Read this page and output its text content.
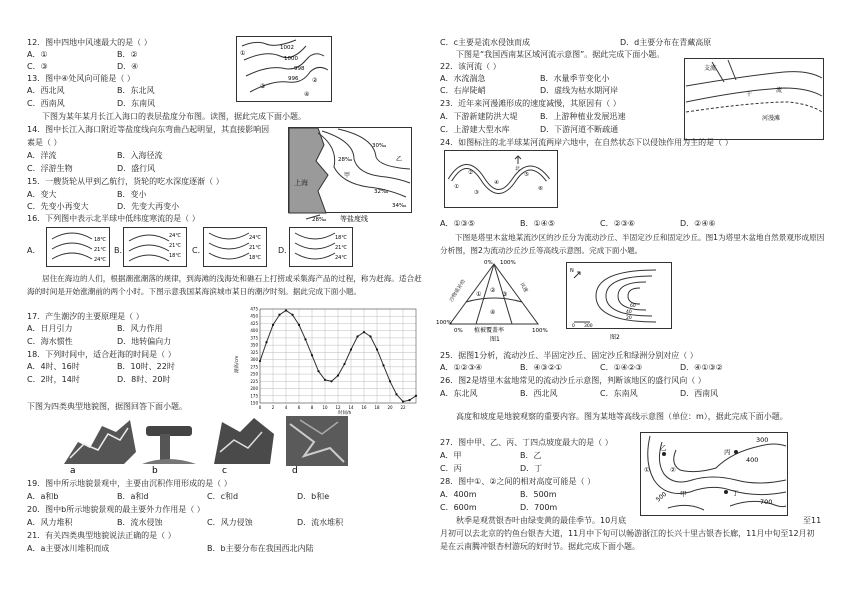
12．图中四地中风速最大的是（ ）
A．①	B．②
C．③	D．④
13．图中④处风向可能是（ ）
A．西北风	B．东北风
C．西南风	D．东南风
下图为某年某月长江入海口的表层盐度分布图。读图，据此完成下面小题。
14．图中长江入海口附近等盐度线向东弯曲凸起明显，其直接影响因
素是（ ）
A．洋流	B．入海径流
C．浮游生物	D．盛行风
15．一艘货轮从甲到乙航行，货轮的吃水深度逐渐（ ）
A．变大	B．变小
C．先变小再变大	D．先变大再变小
16．下列图中表示北半球中低纬度寒流的是（ ）
1002
1000
998
996
①
②
③
④
上海
30‰
28‰
甲
乙
32‰
34‰
28‰ 等盐度线
A．
18℃
21℃
24℃
B．
24℃
21℃
18℃
C．
24℃
21℃
18℃
D．
18℃
21℃
24℃
居住在海边的人们，根据潮涨潮落的规律，到海滩的浅海处和礁石上打捞或采集海产品的过程，称为赶海。适合赶海的时间是开始涨潮前的两个小时。下图示意我国某海滨城市某日的潮汐时刻。据此完成下面小题。
17．产生潮汐的主要原理是（ ）
A．日月引力	B．风力作用
C．海水惯性	D．地转偏向力
18．下列时间中，适合赶海的时间是（ ）
A．4时、16时	B．10时、22时
C．2时，14时	D．8时、20时
150
175
200
225
250
275
300
325
350
375
400
425
450
475
0	2	4	6	8 10 12 14 16 18 20 22
潮高/cm
时间/h
下图为四类典型地貌图，据图回答下面小题。
a	b	c	d
19．图中所示地貌景观中，主要由沉积作用形成的是（ ）
A．a和b	B．a和d	C．c和d	D．b和e
20．图中b所示地貌景观的最主要外力作用是（ ）
A．风力堆积	B．流水侵蚀	C．风力侵蚀	D．流水堆积
21．有关四类典型地貌说法正确的是（ ）
A．a主要冰川堆积而成	B．b主要分布在我国西北内陆
C．c主要是流水侵蚀而成	D．d主要分布在青藏高原
下图是“我国西南某区域河流示意图”。据此完成下面小题。
22．该河流（ ）
A．水流湍急	B．水量季节变化小
C．右岸陡峭	D．虚线为枯水期河岸
23．近年来河漫滩形成的速度减慢，其原因有（ ）
A．下游新建防洪大堤	B．上游种植业发展迅速
C．上游建大型水库	D．下游河道不断疏通
支流
干
流
河漫滩
24．如图标注的北半球某河流两岸六地中，在自然状态下以侵蚀作用为主的是（ ）
北
①
②
③
④
⑤
⑥
A．①③⑤	B．①④⑤	C．②③⑥	D．②④⑥
下图是塔里木盆地某流沙区的沙丘分为流动沙丘、半固定沙丘和固定沙丘。图1为塔里木盆地自然景观形成原因分析图，图2为流动沙丘沙丘等高线示意图。完成下面小题。
0% 100%
沙物质补给	风速
①
②
③
④
100%
0% 植被覆盖率	100%
图1
N
0 300
20
40
60
图2
25．据图1分析，流动沙丘、半固定沙丘、固定沙丘和绿洲分别对应（ ）
A．①②③④	B．④③②①	C．①④②③	D．④①③②
26．图2是塔里木盆地常见的流动沙丘示意图，判断该地区的盛行风向（ ）
A．东北风	B．西北风	C．东南风	D．西南风
高度和坡度是地貌观察的重要内容。图为某地等高线示意图（单位：m），据此完成下面小题。
27．图中甲、乙、丙、丁四点坡度最大的是（ ）
A．甲	B．乙
C．丙	D．丁
28．图中①、②之间的相对高度可能是（ ）
A．400m	B．500m
C．600m	D．700m
300
400
700
500
①	②
甲
乙	丙
丁
秋季是观赏银杏叶由绿变黄的最佳季节。10月底	至11
月初可以去北京的钓鱼台银杏大道，11月中下旬可以畅游浙江的长兴十里古银杏长廊，11月中旬至12月初
是在云南腾冲银杏村游玩的好时节。据此完成下面小题。
